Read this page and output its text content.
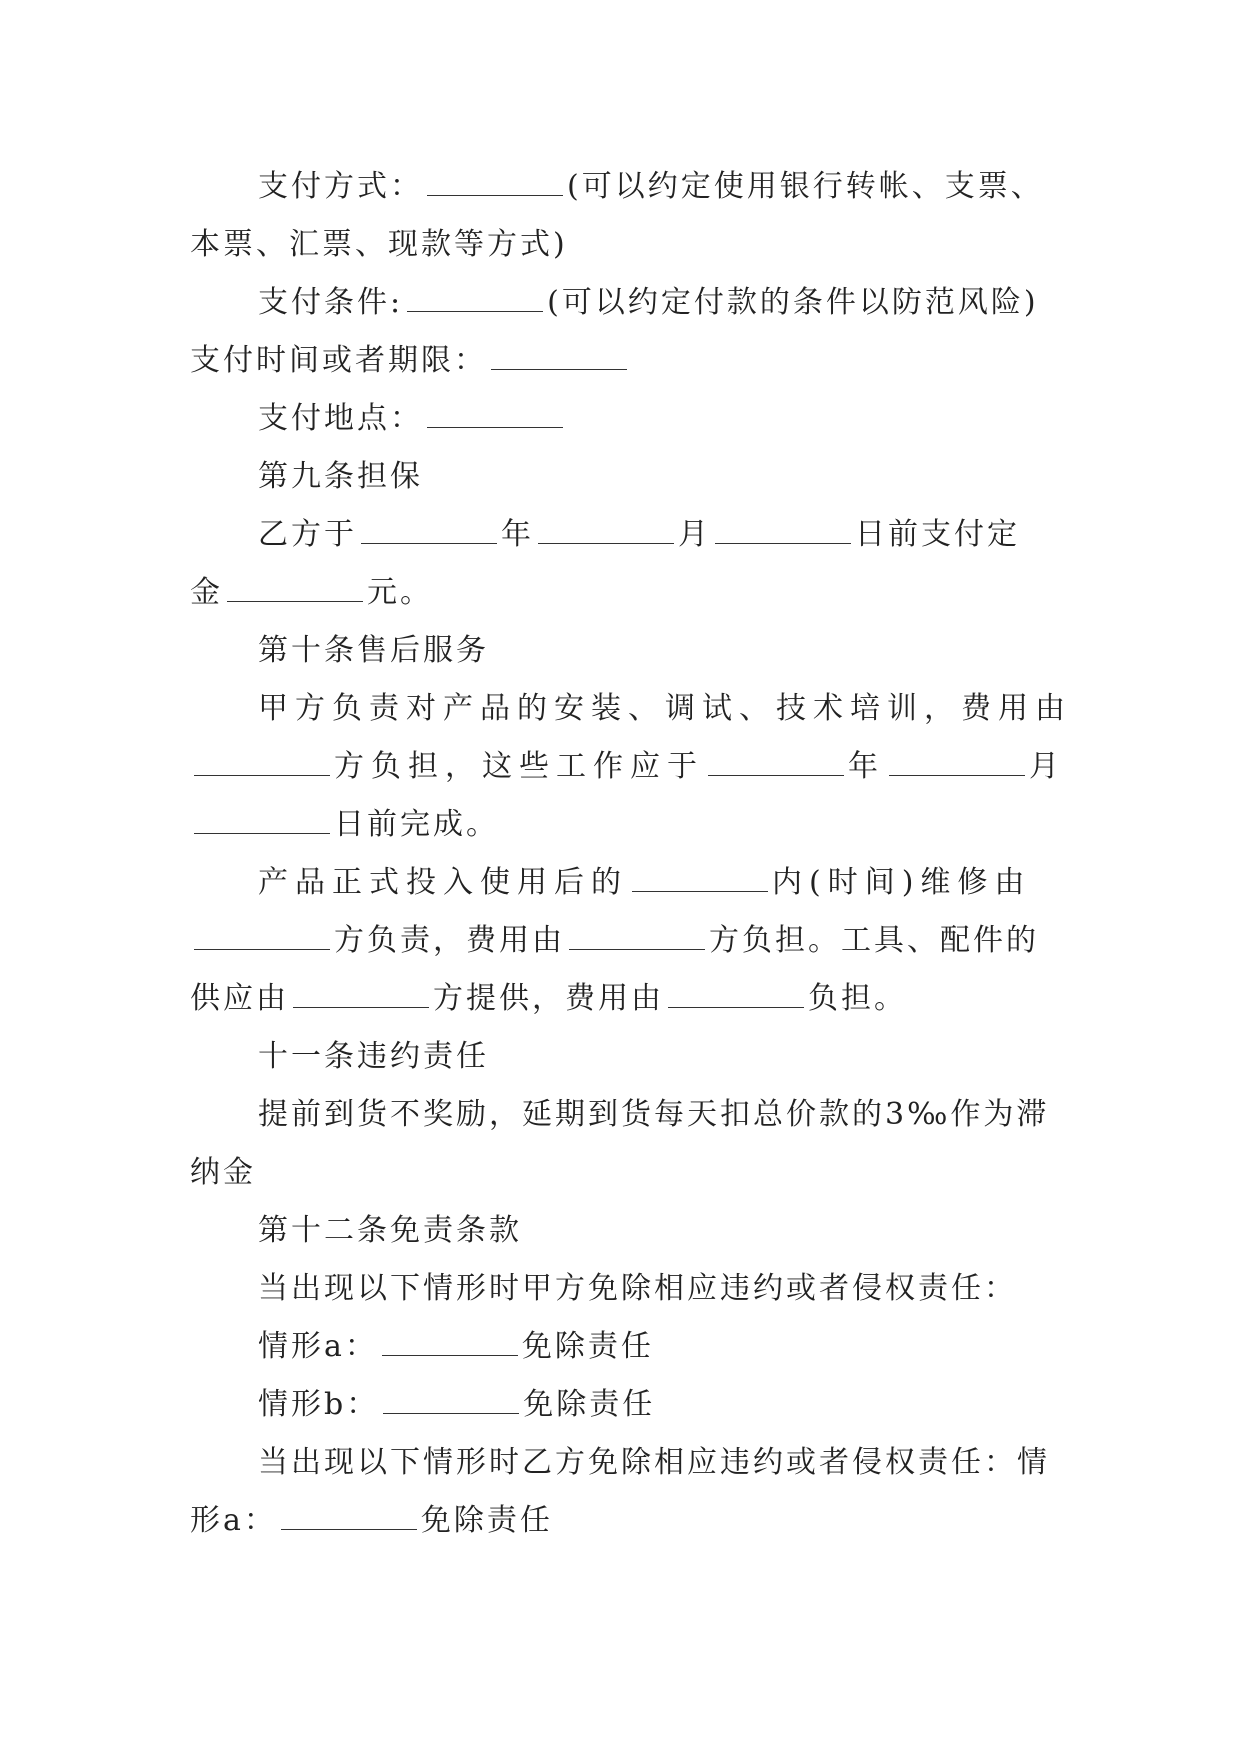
支付方式：	(可以约定使用银行转帐、支票、
本票、汇票、现款等方式)
支付条件:	(可以约定付款的条件以防范风险)
支付时间或者期限：
支付地点：
第九条担保
乙方于	年	月	日前支付定
金	元。
第十条售后服务
甲方负责对产品的安装、调试、技术培训，费用由
方负担，这些工作应于	年	月
日前完成。
产品正式投入使用后的	内(时间)维修由
方负责，费用由	方负担。工具、配件的
供应由	方提供，费用由	负担。
十一条违约责任
提前到货不奖励，延期到货每天扣总价款的3‰作为滞
纳金
第十二条免责条款
当出现以下情形时甲方免除相应违约或者侵权责任：
情形a：	免除责任
情形b：	免除责任
当出现以下情形时乙方免除相应违约或者侵权责任：情
形a：	免除责任
